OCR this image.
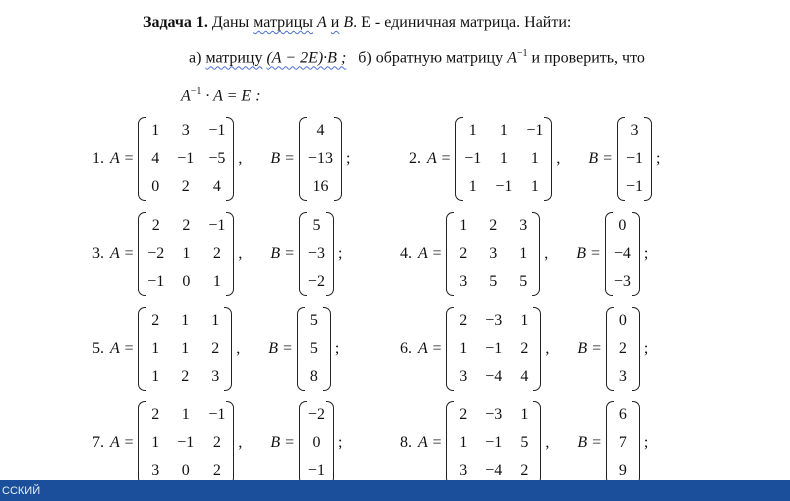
Задача 1. Даны матрицы A и B. E - единичная матрица. Найти:
а) матрицу (A − 2E)·B ; б) обратную матрицу $A^{-1}$ и проверить, что
$A^{-1} \cdot A = E$ :
1. A =
1 3 −1
4 −1 −5
0 2 4
, B =
4
−13
16
;	2. A =
1 1 −1
−1 1 1
1 −1 1
, B =
3
−1
−1
;
3. A =
2 2 −1
−2 1 2
−1 0 1
, B =
5
−3
−2
;	4. A =
1 2 3
2 3 1
3 5 5
, B =
0
−4
−3
;
5. A =
2 1 1
1 1 2
1 2 3
, B =
5
5
8
;	6. A =
2 −3 1
1 −1 2
3 −4 4
, B =
0
2
3
;
7. A =
2 1 −1
1 −1 2
3 0 2
, B =
−2
0
−1
;	8. A =
2 −3 1
1 −1 5
3 −4 2
, B =
6
7
9
;
ССКИЙ
